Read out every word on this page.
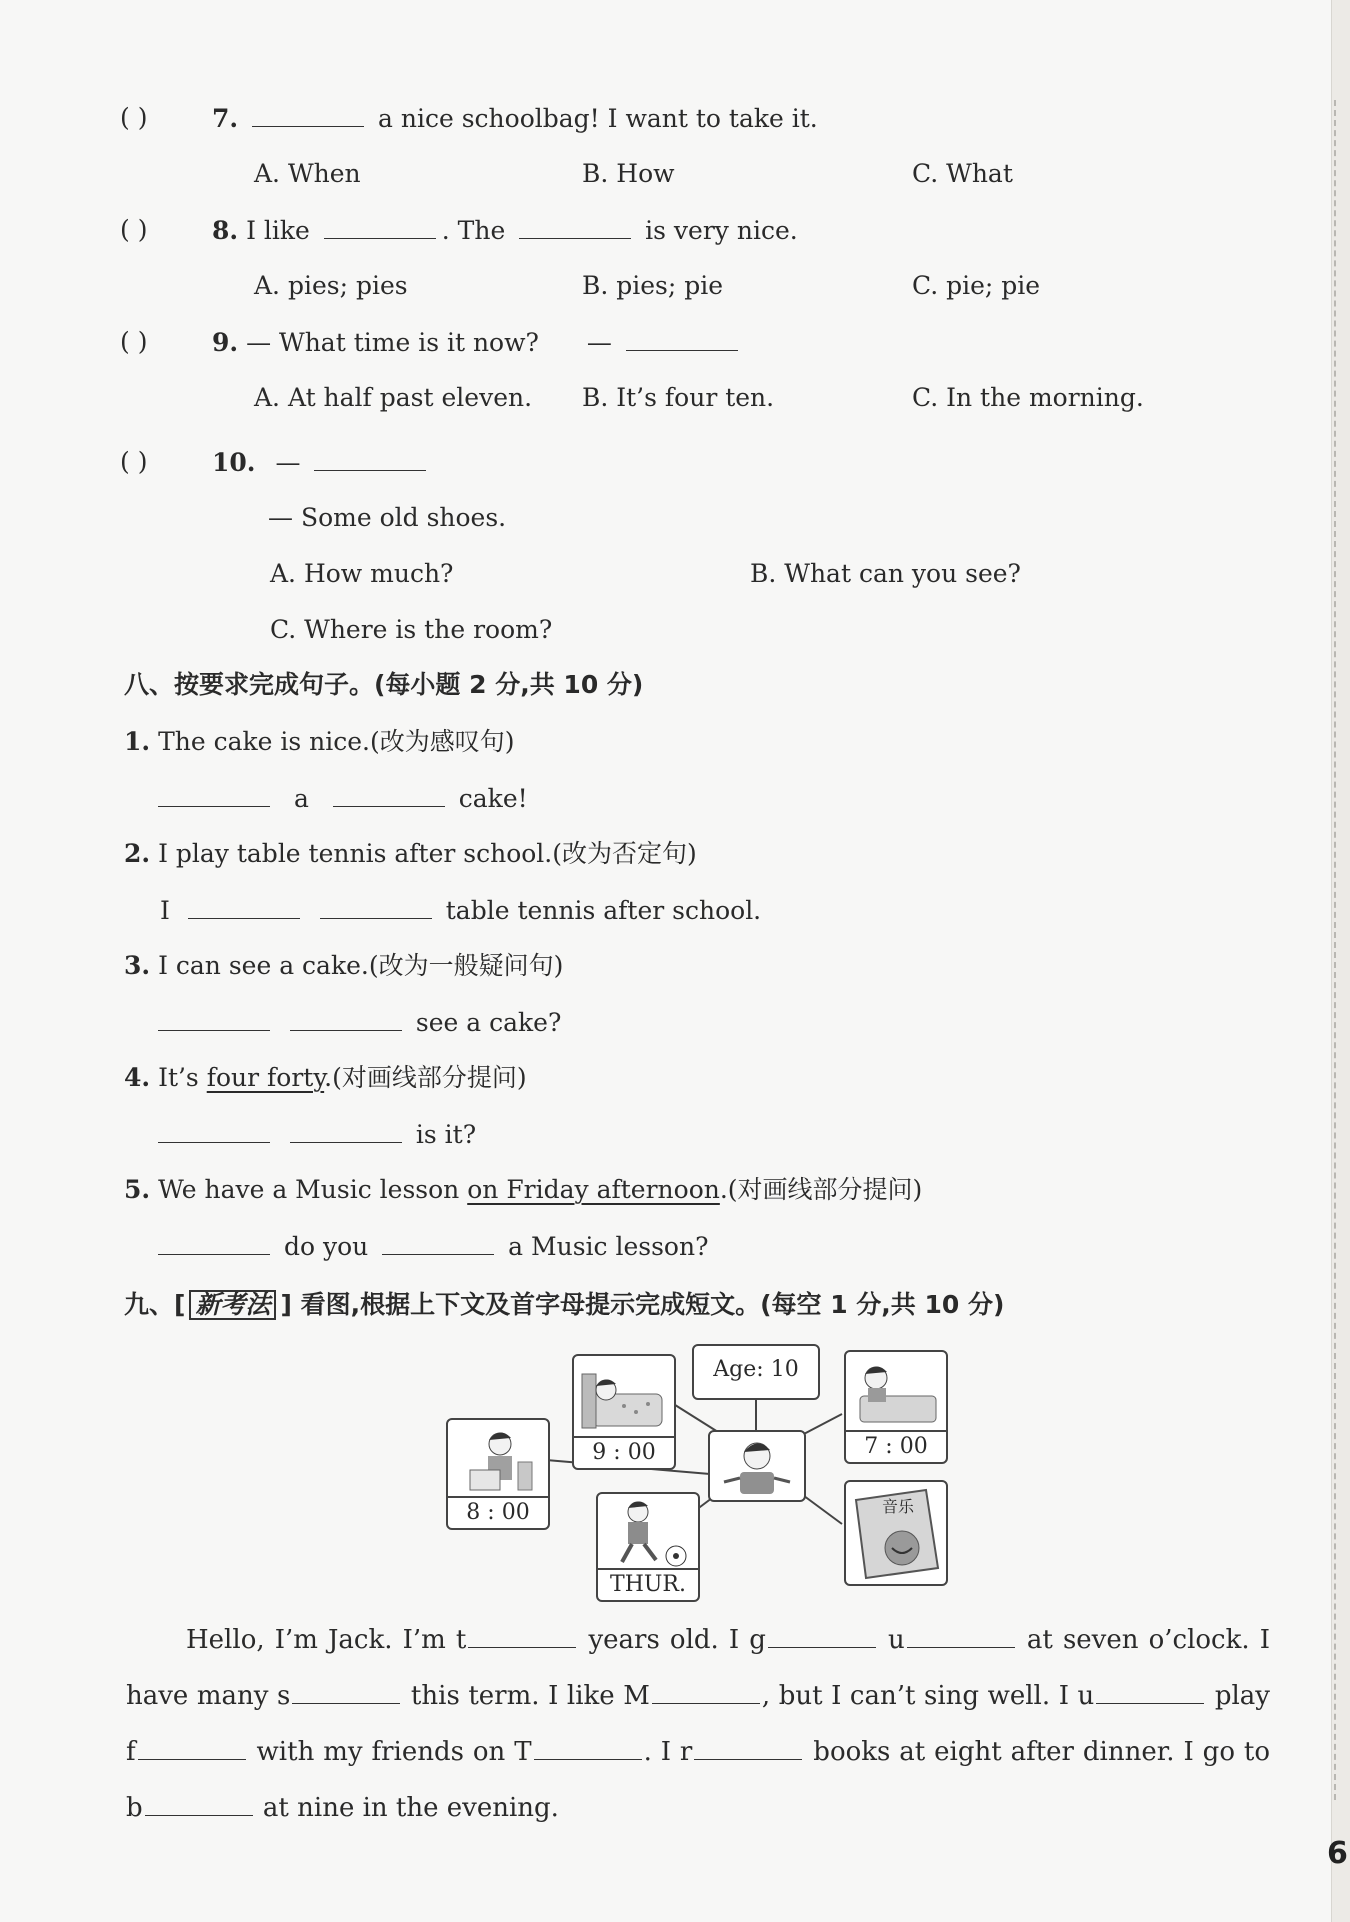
6
( )	7.	a nice schoolbag! I want to take it.
A. When	B. How	C. What
( )	8. I like	. The	is very nice.
A. pies; pies	B. pies; pie	C. pie; pie
( )	9. — What time is it now? —
A. At half past eleven. B. It’s four ten.	C. In the morning.
( )	10. —
— Some old shoes.
A. How much?	B. What can you see?
C. Where is the room?
八、按要求完成句子。(每小题 2 分,共 10 分)
1. The cake is nice.(改为感叹句)
a	cake!
2. I play table tennis after school.(改为否定句)
I	table tennis after school.
3. I can see a cake.(改为一般疑问句)
see a cake?
4. It’s four forty.(对画线部分提问)
is it?
5. We have a Music lesson on Friday afternoon.(对画线部分提问)
do you	a Music lesson?
九、[ 新考法 ] 看图,根据上下文及首字母提示完成短文。(每空 1 分,共 10 分)
9 : 00
Age: 10
7 : 00
8 : 00
THUR.
音乐
Hello, I’m Jack. I’m t	years old. I g	u	at seven o’clock. I have many s	this term. I like M	, but I can’t sing well. I u	play f	with my friends on T	. I r	books at eight after dinner. I go to b	at nine in the evening.
